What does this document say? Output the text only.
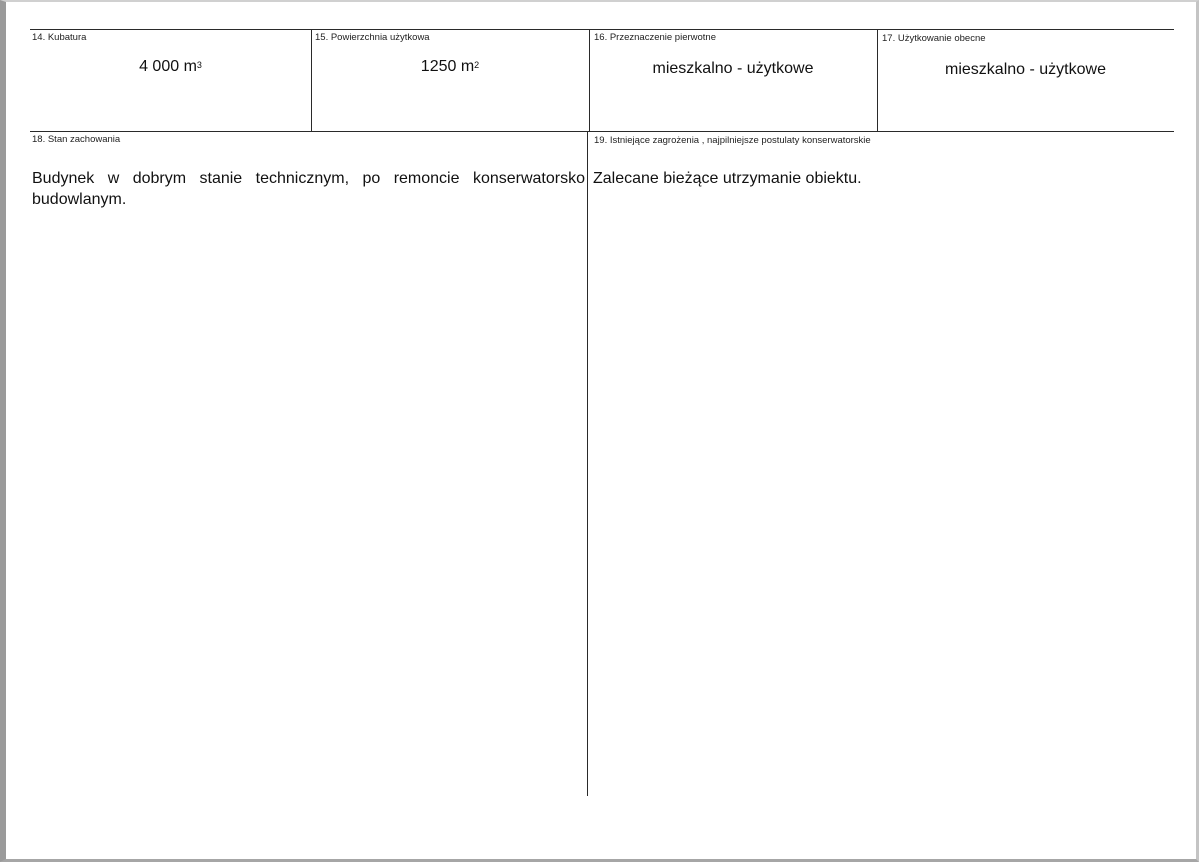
14. Kubatura
4 000 $m^3$
15. Powierzchnia użytkowa
1250 $m^2$
16. Przeznaczenie pierwotne
mieszkalno - użytkowe
17. Użytkowanie obecne
mieszkalno - użytkowe
18. Stan zachowania
Budynek w dobrym stanie technicznym, po remoncie konserwatorsko budowlanym.
19. Istniejące zagrożenia , najpilniejsze postulaty konserwatorskie
Zalecane bieżące utrzymanie obiektu.
